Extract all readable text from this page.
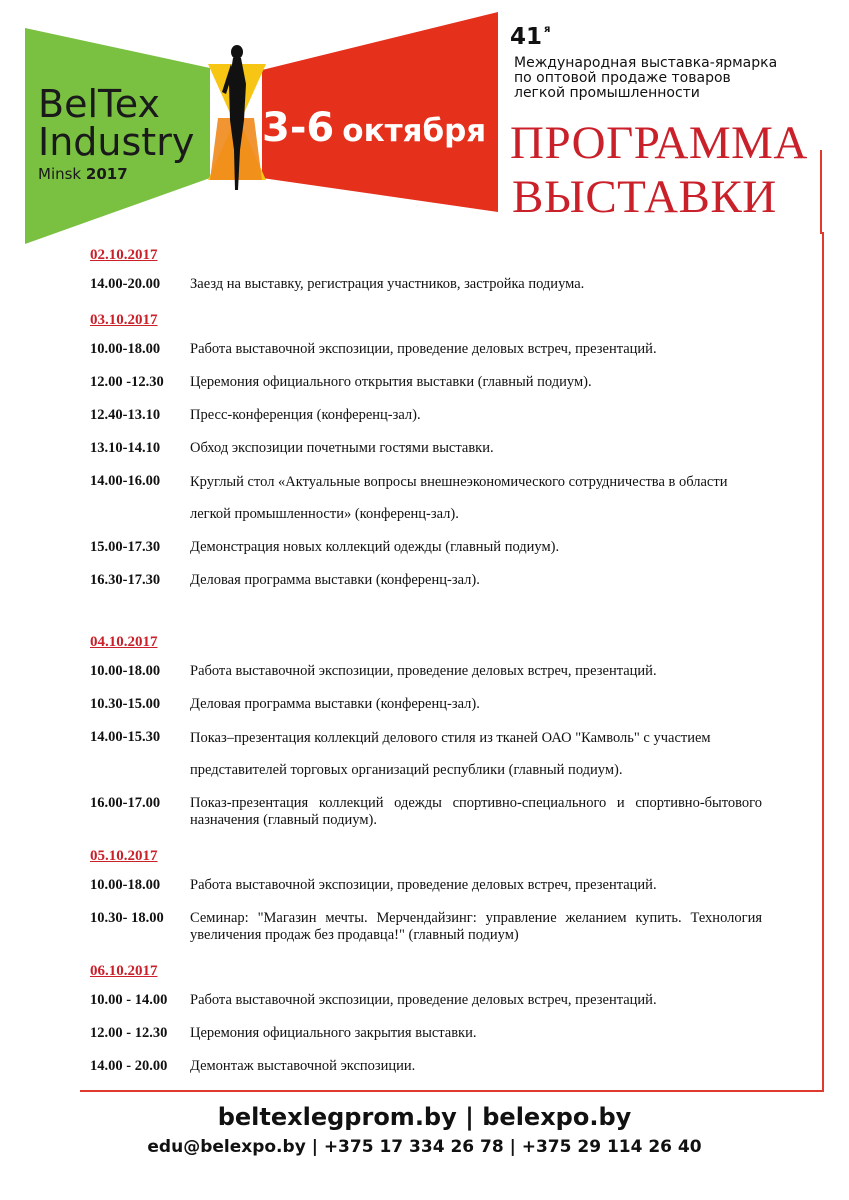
BelTex
Industry
Minsk 2017
3-6 октября
41 $^я$
Международная выставка-ярмарка
по оптовой продаже товаров
легкой промышленности
ПРОГРАММА
ВЫСТАВКИ
02.10.2017
14.00-20.00	Заезд на выставку, регистрация участников, застройка подиума.
03.10.2017
10.00-18.00	Работа выставочной экспозиции, проведение деловых встреч, презентаций.
12.00 -12.30	Церемония официального открытия выставки (главный подиум).
12.40-13.10	Пресс-конференция (конференц-зал).
13.10-14.10	Обход экспозиции почетными гостями выставки.
14.00-16.00	Круглый стол «Актуальные вопросы внешнеэкономического сотрудничества в области легкой промышленности» (конференц-зал).
15.00-17.30	Демонстрация новых коллекций одежды (главный подиум).
16.30-17.30	Деловая программа выставки (конференц-зал).
04.10.2017
10.00-18.00	Работа выставочной экспозиции, проведение деловых встреч, презентаций.
10.30-15.00	Деловая программа выставки (конференц-зал).
14.00-15.30	Показ–презентация коллекций делового стиля из тканей ОАО "Камволь" с участием представителей торговых организаций республики (главный подиум).
16.00-17.00	Показ-презентация коллекций одежды спортивно-специального и спортивно-бытового назначения (главный подиум).
05.10.2017
10.00-18.00	Работа выставочной экспозиции, проведение деловых встреч, презентаций.
10.30- 18.00	Семинар: "Магазин мечты. Мерчендайзинг: управление желанием купить. Технология увеличения продаж без продавца!" (главный подиум)
06.10.2017
10.00 - 14.00	Работа выставочной экспозиции, проведение деловых встреч, презентаций.
12.00 - 12.30	Церемония официального закрытия выставки.
14.00 - 20.00	Демонтаж выставочной экспозиции.
beltexlegprom.by | belexpo.by
edu@belexpo.by | +375 17 334 26 78 | +375 29 114 26 40
